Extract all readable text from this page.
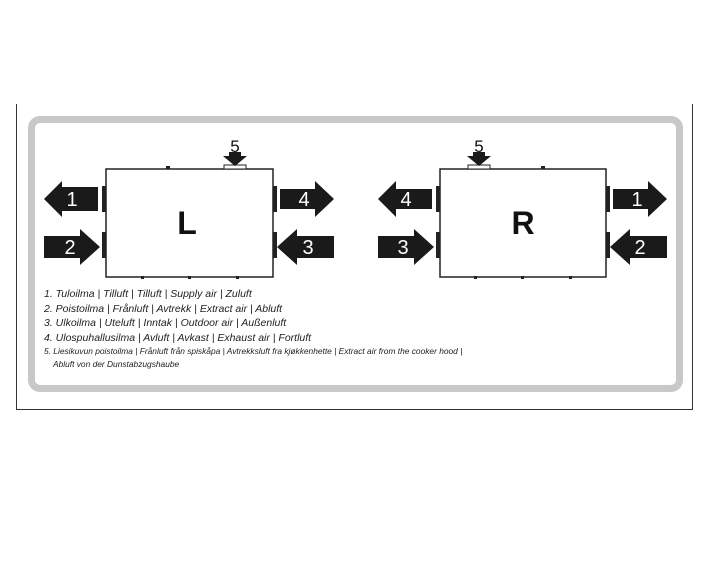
L
5
1
2
4
3
R
5
4
3
1
2
1. Tuloilma | Tilluft | Tilluft | Supply air | Zuluft
2. Poistoilma | Frånluft | Avtrekk | Extract air | Abluft
3. Ulkoilma | Uteluft | Inntak | Outdoor air | Außenluft
4. Ulospuhallusilma | Avluft | Avkast | Exhaust air | Fortluft
5. Liesikuvun poistoilma | Frånluft från spiskåpa | Avtrekksluft fra kjøkkenhette | Extract air from the cooker hood |
Abluft von der Dunstabzugshaube
